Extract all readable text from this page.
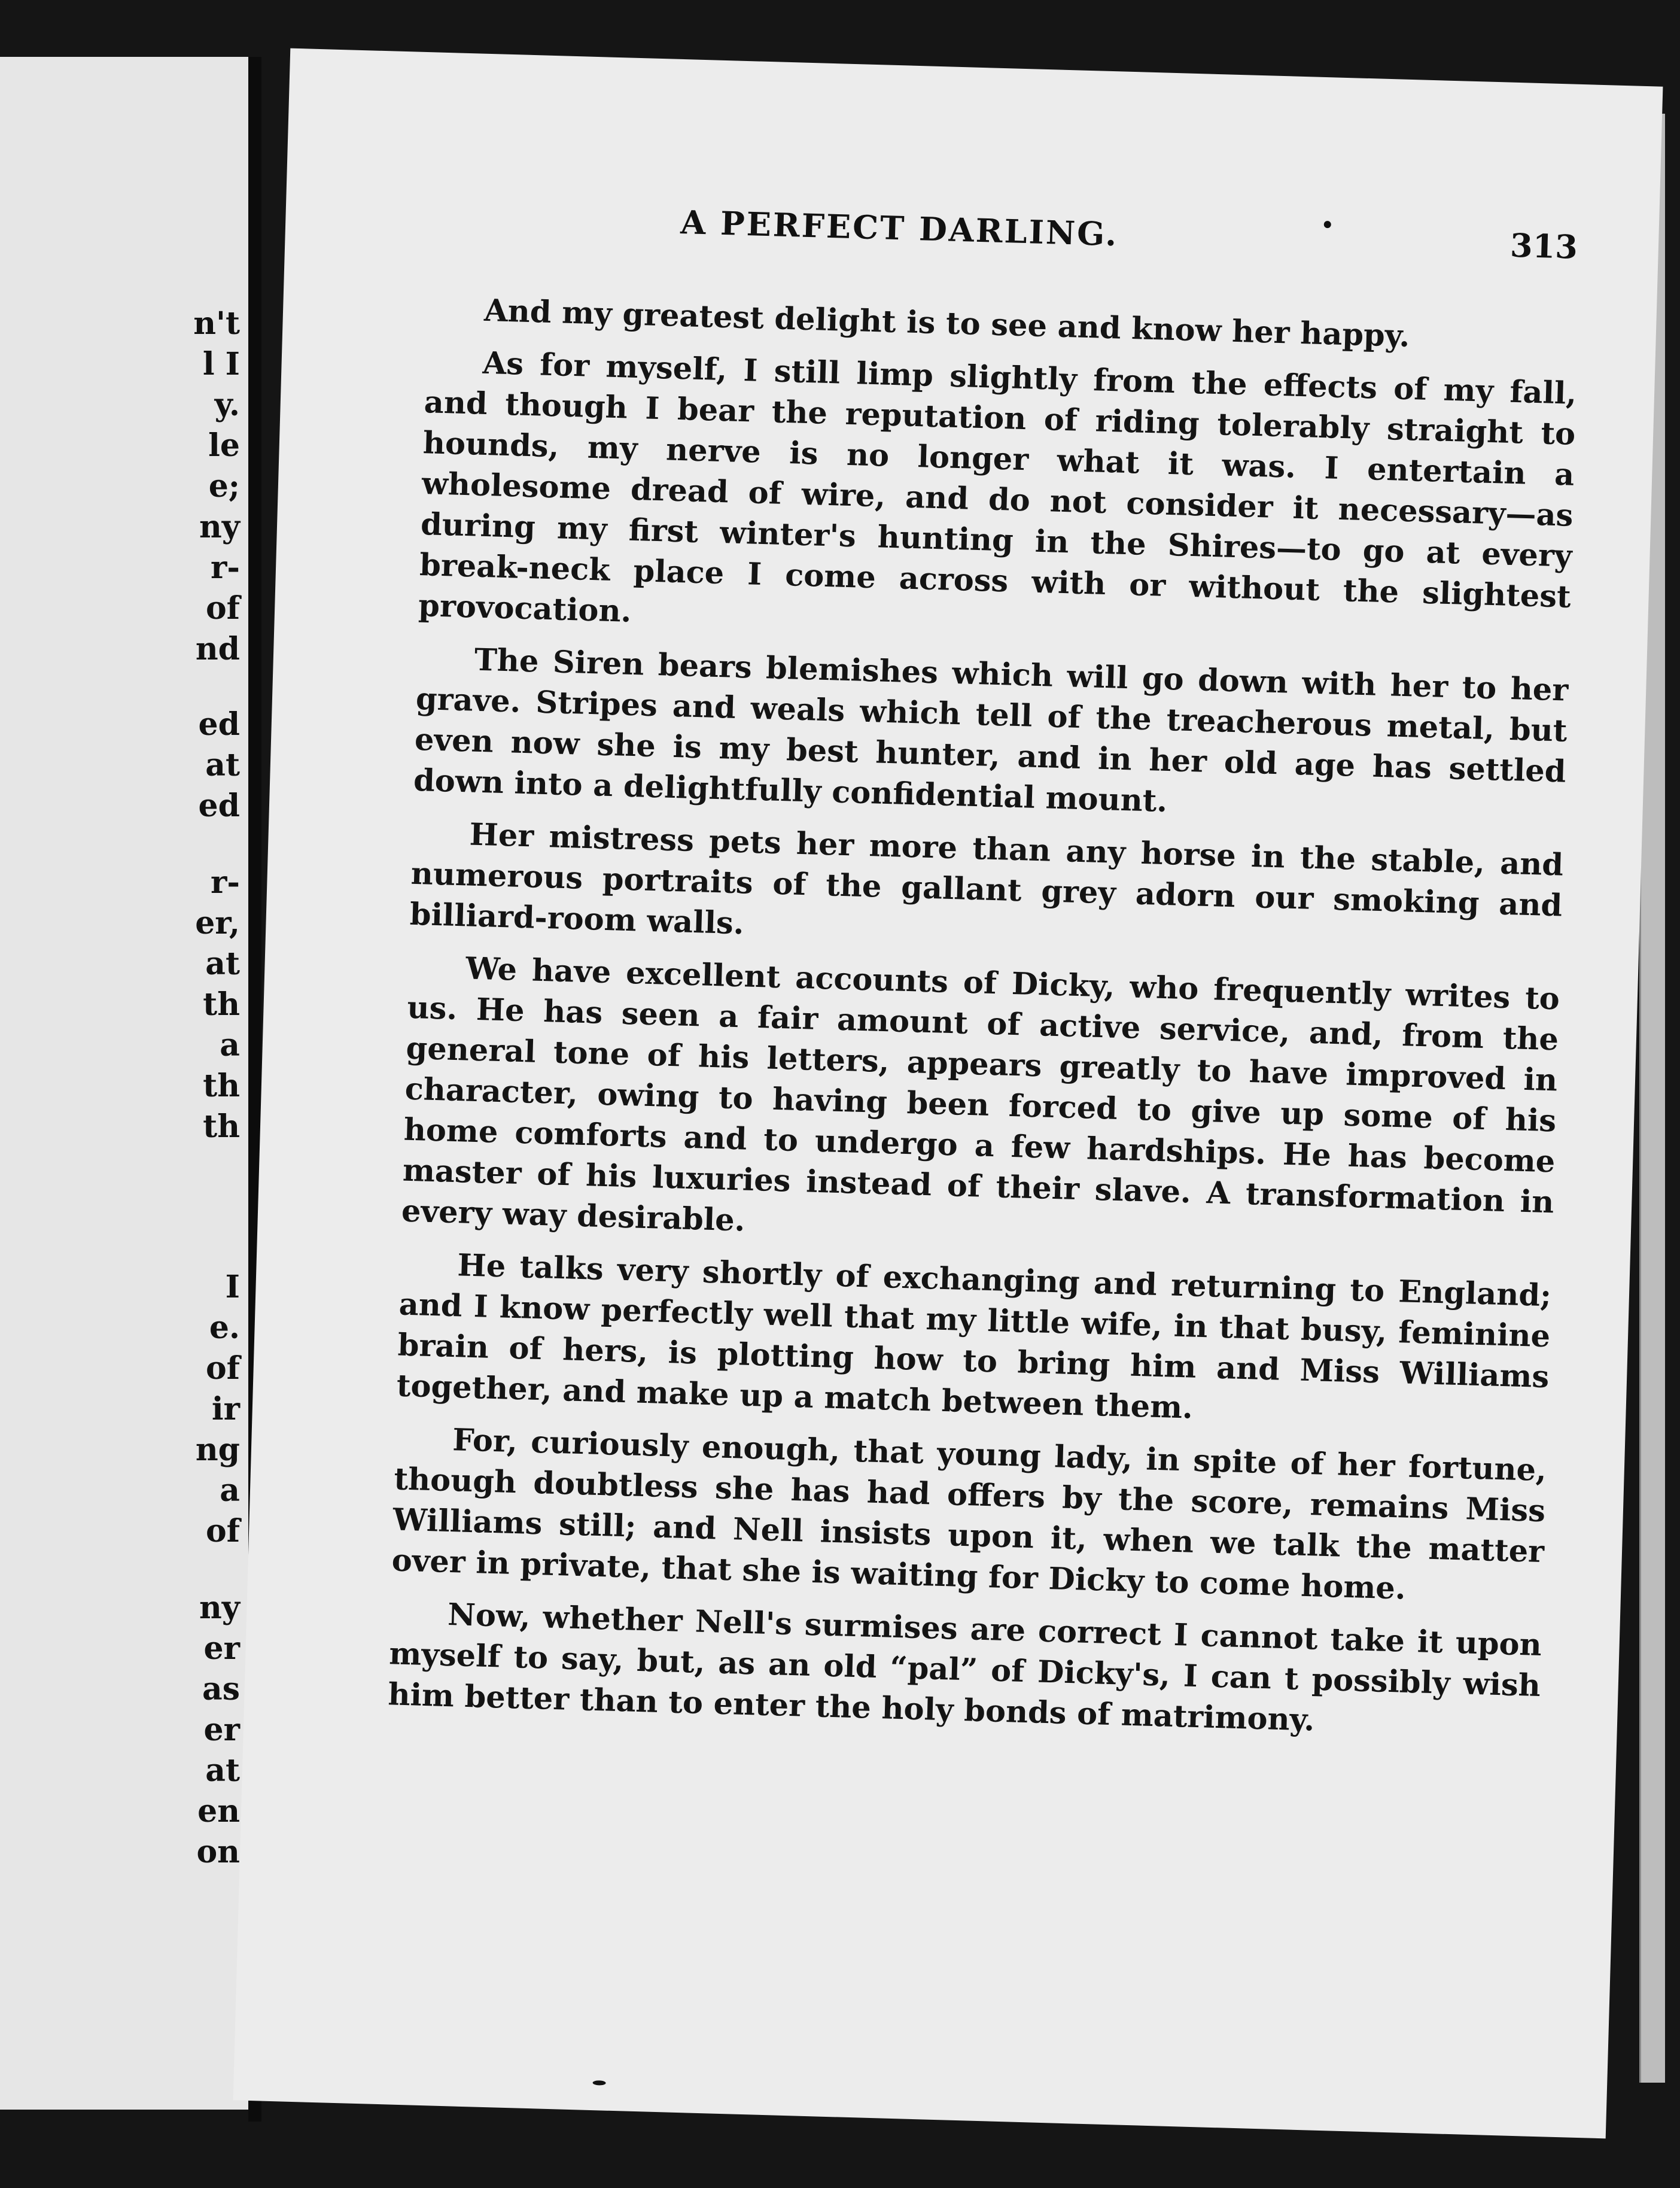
n't
l I
y.
le
e;
ny
r-
of
nd
ed
at
ed
r-
er,
at
th
a
th
th
I
e.
of
ir
ng
a
of
ny
er
as
er
at
en
on
A PERFECT DARLING.	313

And my greatest delight is to see and know her happy.

As for myself, I still limp slightly from the effects of my fall, and though I bear the reputation of riding tolerably straight to hounds, my nerve is no longer what it was. I entertain a wholesome dread of wire, and do not consider it necessary—as during my first winter's hunting in the Shires—to go at every break-neck place I come across with or without the slightest provocation.

The Siren bears blemishes which will go down with her to her grave. Stripes and weals which tell of the treacherous metal, but even now she is my best hunter, and in her old age has settled down into a delightfully confidential mount.

Her mistress pets her more than any horse in the stable, and numerous portraits of the gallant grey adorn our smoking and billiard-room walls.

We have excellent accounts of Dicky, who frequently writes to us. He has seen a fair amount of active service, and, from the general tone of his letters, appears greatly to have improved in character, owing to having been forced to give up some of his home comforts and to undergo a few hardships. He has become master of his luxuries instead of their slave. A transformation in every way desirable.

He talks very shortly of exchanging and returning to England; and I know perfectly well that my little wife, in that busy, feminine brain of hers, is plotting how to bring him and Miss Williams together, and make up a match between them.

For, curiously enough, that young lady, in spite of her fortune, though doubtless she has had offers by the score, remains Miss Williams still; and Nell insists upon it, when we talk the matter over in private, that she is waiting for Dicky to come home.

Now, whether Nell's surmises are correct I cannot take it upon myself to say, but, as an old “pal” of Dicky's, I can t possibly wish him better than to enter the holy bonds of matrimony.
